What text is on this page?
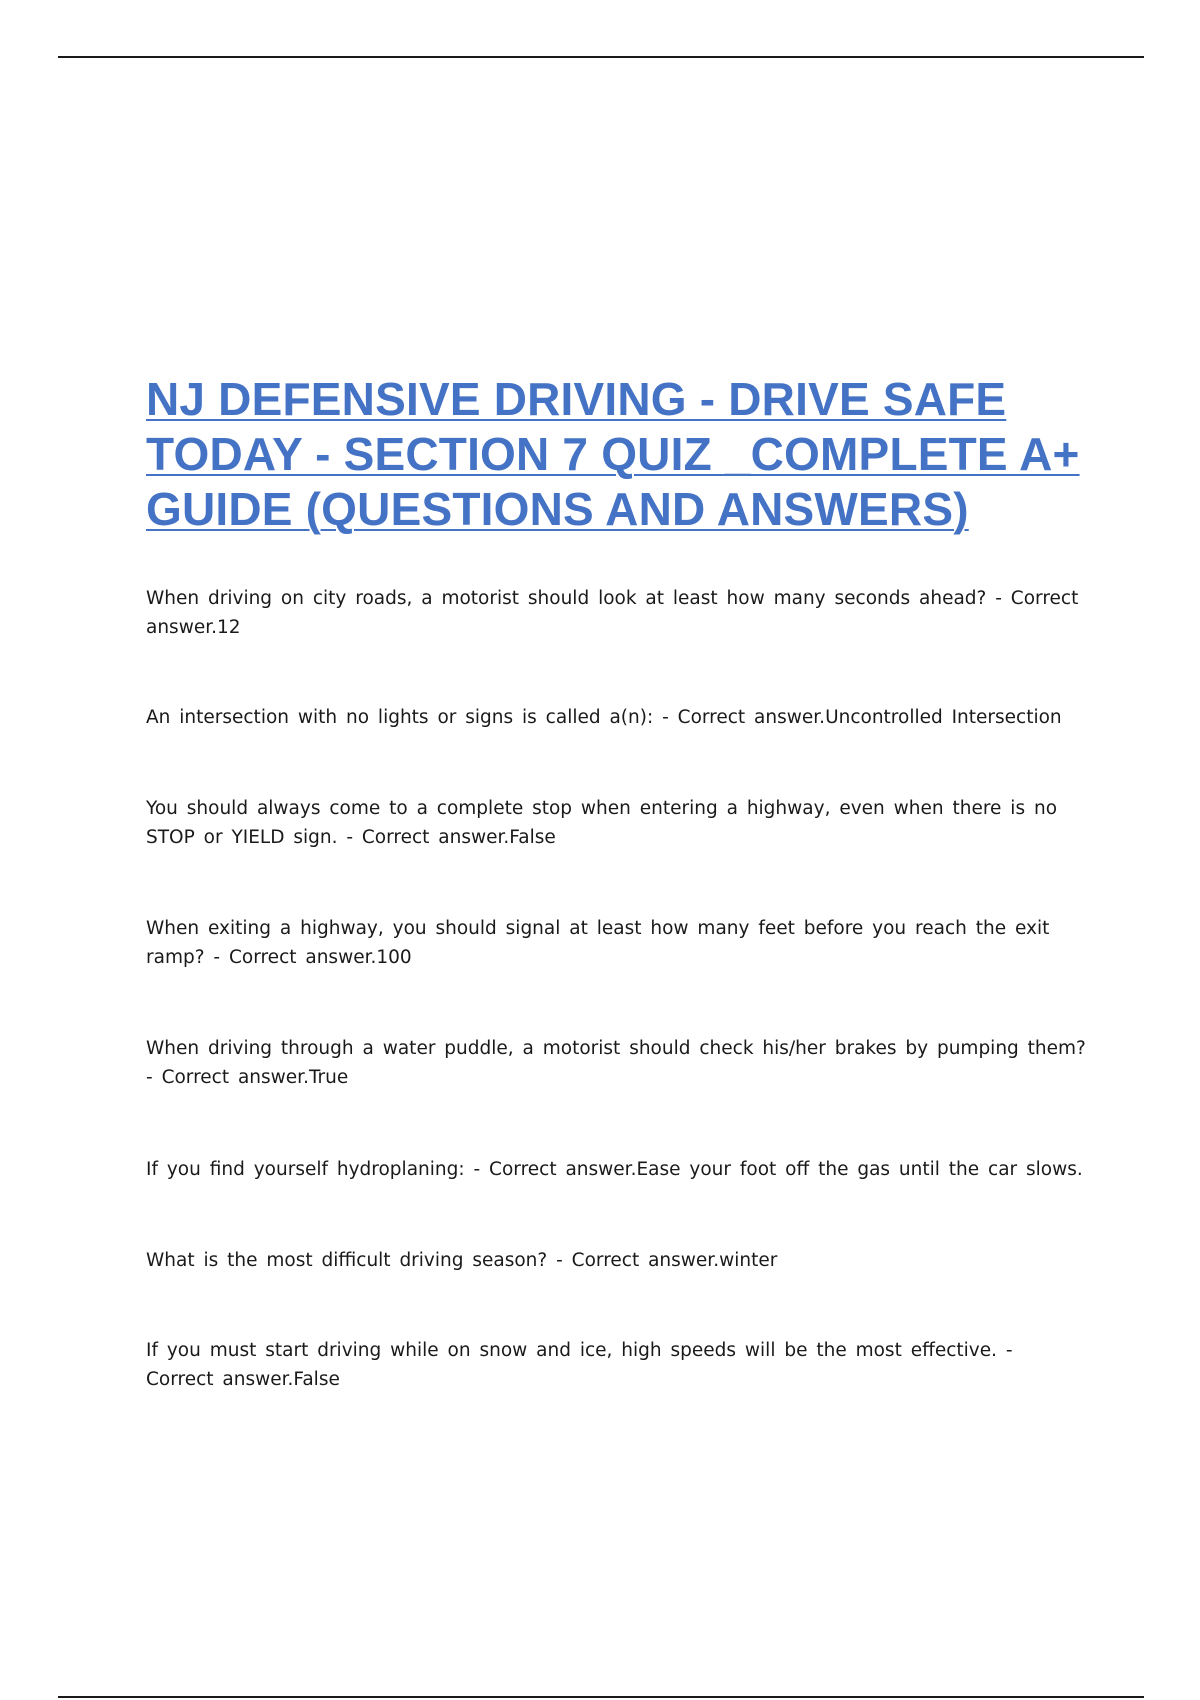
NJ DEFENSIVE DRIVING - DRIVE SAFE TODAY - SECTION 7 QUIZ _COMPLETE A+ GUIDE (QUESTIONS AND ANSWERS)

When driving on city roads, a motorist should look at least how many seconds ahead? - Correct answer.12

An intersection with no lights or signs is called a(n): - Correct answer.Uncontrolled Intersection

You should always come to a complete stop when entering a highway, even when there is no STOP or YIELD sign. - Correct answer.False

When exiting a highway, you should signal at least how many feet before you reach the exit ramp? - Correct answer.100

When driving through a water puddle, a motorist should check his/her brakes by pumping them? - Correct answer.True

If you find yourself hydroplaning: - Correct answer.Ease your foot off the gas until the car slows.

What is the most difficult driving season? - Correct answer.winter

If you must start driving while on snow and ice, high speeds will be the most effective. - Correct answer.False
